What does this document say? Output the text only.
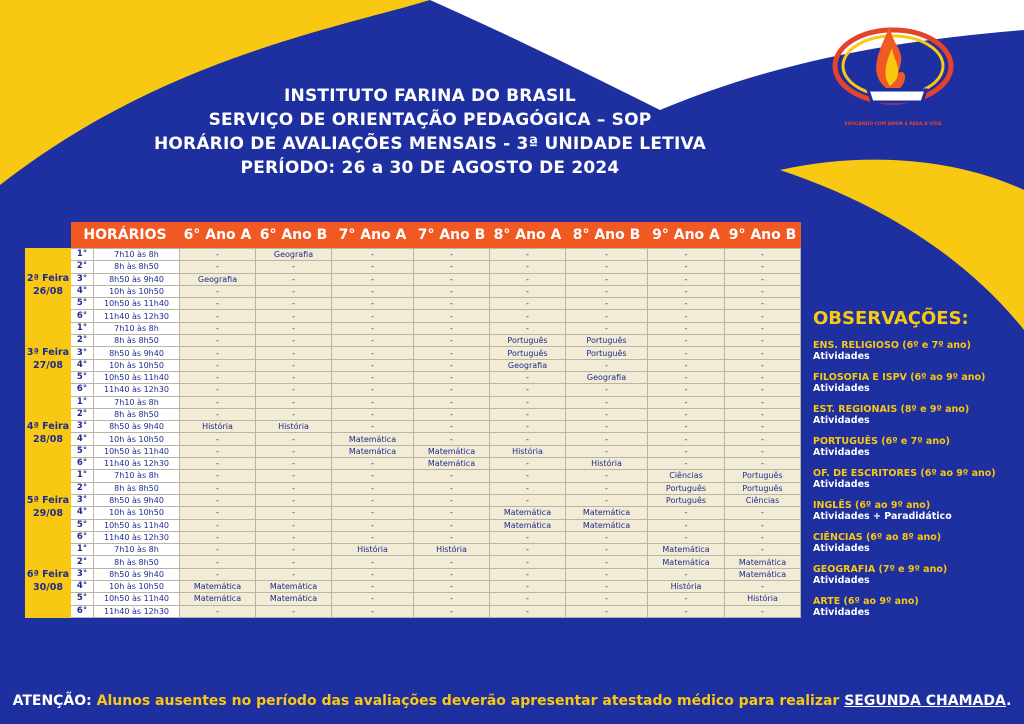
INSTITUTO FARINA
EDUCANDO COM AMOR E PARA A VIDA
INSTITUTO FARINA DO BRASIL
SERVIÇO DE ORIENTAÇÃO PEDAGÓGICA – SOP
HORÁRIO DE AVALIAÇÕES MENSAIS - 3ª UNIDADE LETIVA
PERÍODO: 26 a 30 DE AGOSTO DE 2024
	HORÁRIOS		6° Ano A	6° Ano B	7° Ano A	7° Ano B	8° Ano A	8° Ano B	9° Ano A	9° Ano B
2ª Feira 26/08	1°	7h10 às 8h	-	Geografia	-	-	-	-	-	-
	2°	8h às 8h50	-	-	-	-	-	-	-	-
	3°	8h50 às 9h40	Geografia	-	-	-	-	-	-	-
	4°	10h às 10h50	-	-	-	-	-	-	-	-
	5°	10h50 às 11h40	-	-	-	-	-	-	-	-
	6°	11h40 às 12h30	-	-	-	-	-	-	-	-
3ª Feira 27/08	1°	7h10 às 8h	-	-	-	-	-	-	-	-
	2°	8h às 8h50	-	-	-	-	Português	Português	-	-
	3°	8h50 às 9h40	-	-	-	-	Português	Português	-	-
	4°	10h às 10h50	-	-	-	-	Geografia	-	-	-
	5°	10h50 às 11h40	-	-	-	-	-	Geografia	-	-
	6°	11h40 às 12h30	-	-	-	-	-	-	-	-
4ª Feira 28/08	1°	7h10 às 8h	-	-	-	-	-	-	-	-
	2°	8h às 8h50	-	-	-	-	-	-	-	-
	3°	8h50 às 9h40	História	História	-	-	-	-	-	-
	4°	10h às 10h50	-	-	Matemática	-	-	-	-	-
	5°	10h50 às 11h40	-	-	Matemática	Matemática	História	-	-	-
	6°	11h40 às 12h30	-	-	-	Matemática	-	História	-	-
5ª Feira 29/08	1°	7h10 às 8h	-	-	-	-	-	-	Ciências	Português
	2°	8h às 8h50	-	-	-	-	-	-	Português	Português
	3°	8h50 às 9h40	-	-	-	-	-	-	Português	Ciências
	4°	10h às 10h50	-	-	-	-	Matemática	Matemática	-	-
	5°	10h50 às 11h40	-	-	-	-	Matemática	Matemática	-	-
	6°	11h40 às 12h30	-	-	-	-	-	-	-	-
6ª Feira 30/08	1°	7h10 às 8h	-	-	História	História	-	-	Matemática	-
	2°	8h às 8h50	-	-	-	-	-	-	Matemática	Matemática
	3°	8h50 às 9h40	-	-	-	-	-	-	-	Matemática
	4°	10h às 10h50	Matemática	Matemática	-	-	-	-	História	-
	5°	10h50 às 11h40	Matemática	Matemática	-	-	-	-	-	História
	6°	11h40 às 12h30	-	-	-	-	-	-	-	-
OBSERVAÇÕES:
ENS. RELIGIOSO (6º e 7º ano)
Atividades
FILOSOFIA E ISPV (6º ao 9º ano)
Atividades
EST. REGIONAIS (8º e 9º ano)
Atividades
PORTUGUÊS (6º e 7º ano)
Atividades
OF. DE ESCRITORES (6º ao 9º ano)
Atividades
INGLÊS (6º ao 9º ano)
Atividades + Paradidático
CIÊNCIAS (6º ao 8º ano)
Atividades
GEOGRAFIA (7º e 9º ano)
Atividades
ARTE (6º ao 9º ano)
Atividades
ATENÇÃO: Alunos ausentes no período das avaliações deverão apresentar atestado médico para realizar SEGUNDA CHAMADA.
